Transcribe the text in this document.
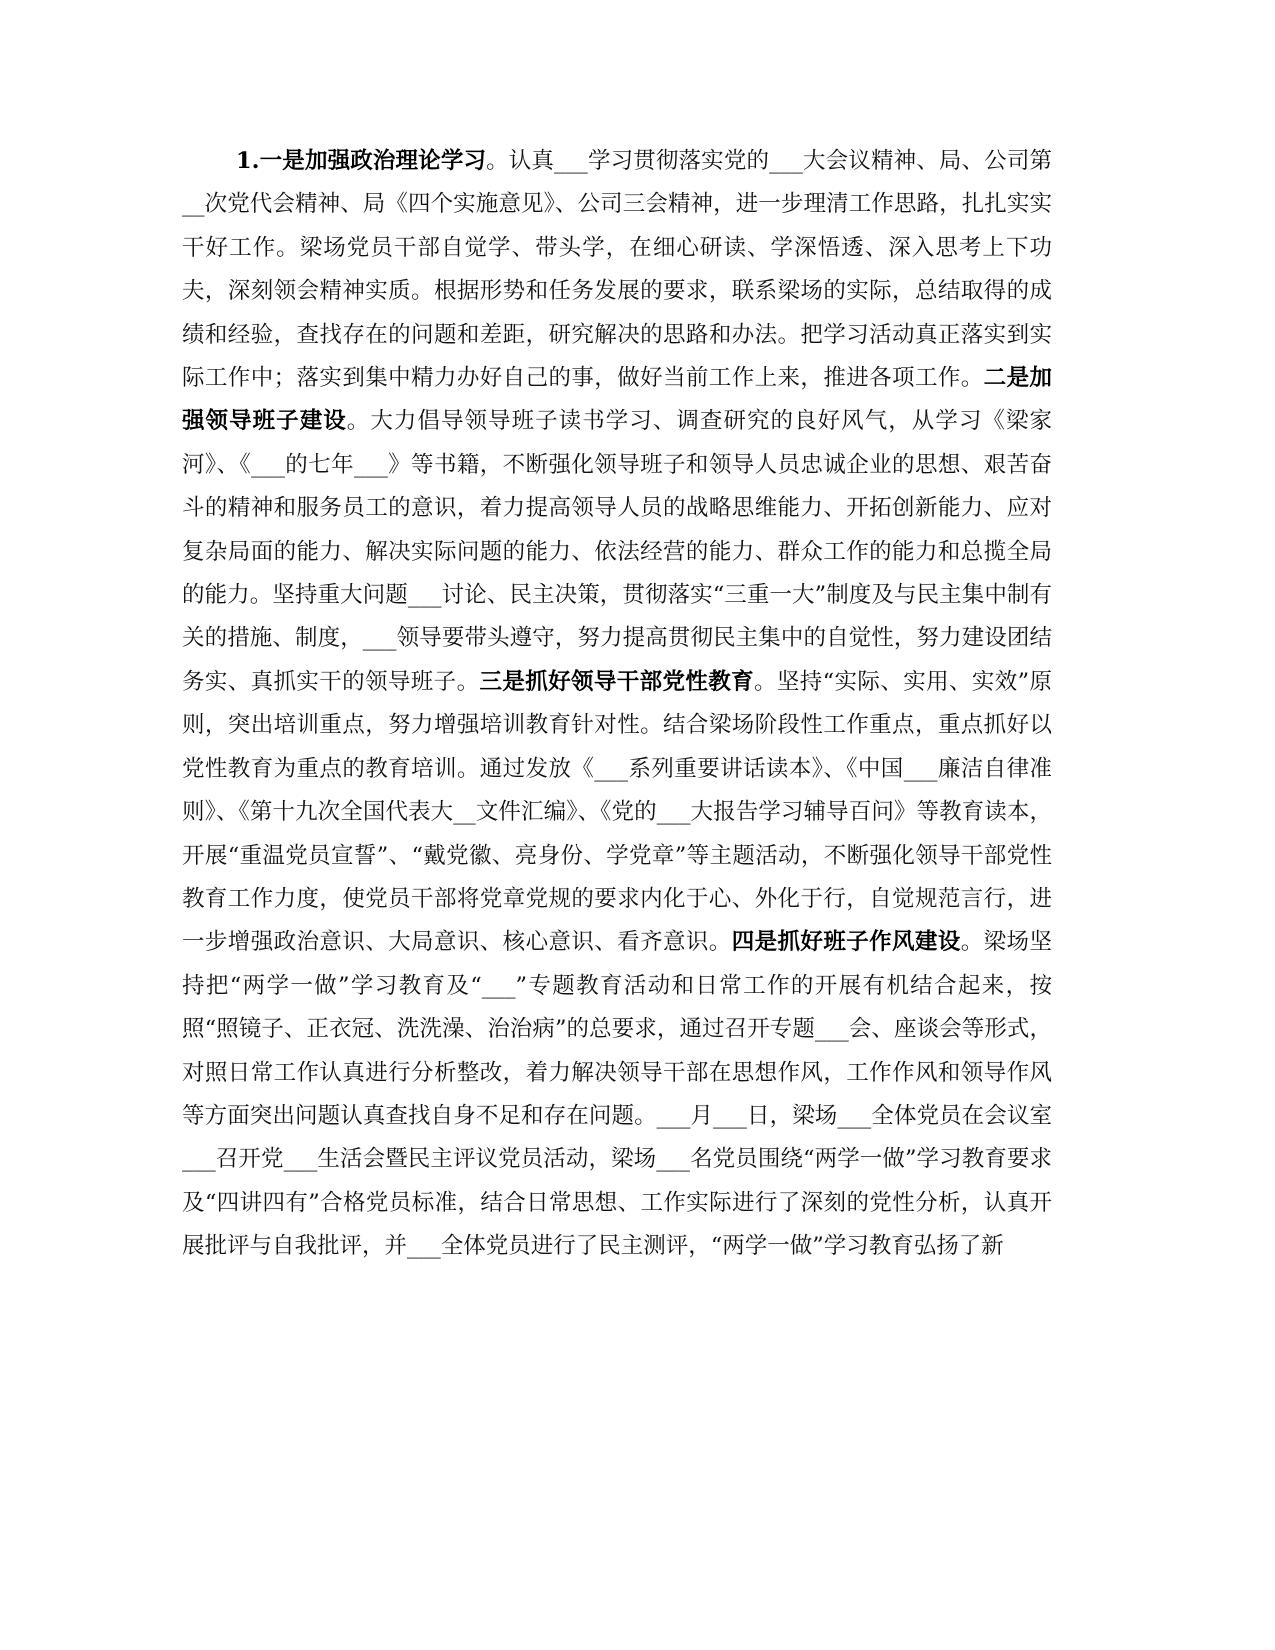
1.一是加强政治理论学习。认真___学习贯彻落实党的___大会议精神、局、公司第__次党代会精神、局《四个实施意见》、公司三会精神，进一步理清工作思路，扎扎实实干好工作。梁场党员干部自觉学、带头学，在细心研读、学深悟透、深入思考上下功夫，深刻领会精神实质。根据形势和任务发展的要求，联系梁场的实际，总结取得的成绩和经验，查找存在的问题和差距，研究解决的思路和办法。把学习活动真正落实到实际工作中；落实到集中精力办好自己的事，做好当前工作上来，推进各项工作。二是加强领导班子建设。大力倡导领导班子读书学习、调查研究的良好风气，从学习《梁家河》、《___的七年___》等书籍，不断强化领导班子和领导人员忠诚企业的思想、艰苦奋斗的精神和服务员工的意识，着力提高领导人员的战略思维能力、开拓创新能力、应对复杂局面的能力、解决实际问题的能力、依法经营的能力、群众工作的能力和总揽全局的能力。坚持重大问题___讨论、民主决策，贯彻落实“三重一大”制度及与民主集中制有关的措施、制度，___领导要带头遵守，努力提高贯彻民主集中的自觉性，努力建设团结务实、真抓实干的领导班子。三是抓好领导干部党性教育。坚持“实际、实用、实效”原则，突出培训重点，努力增强培训教育针对性。结合梁场阶段性工作重点，重点抓好以党性教育为重点的教育培训。通过发放《___系列重要讲话读本》、《中国___廉洁自律准则》、《第十九次全国代表大__文件汇编》、《党的___大报告学习辅导百问》等教育读本，开展“重温党员宣誓”、“戴党徽、亮身份、学党章”等主题活动，不断强化领导干部党性教育工作力度，使党员干部将党章党规的要求内化于心、外化于行，自觉规范言行，进一步增强政治意识、大局意识、核心意识、看齐意识。四是抓好班子作风建设。梁场坚持把“两学一做”学习教育及“___”专题教育活动和日常工作的开展有机结合起来，按照“照镜子、正衣冠、洗洗澡、治治病”的总要求，通过召开专题___会、座谈会等形式，对照日常工作认真进行分析整改，着力解决领导干部在思想作风，工作作风和领导作风等方面突出问题认真查找自身不足和存在问题。___月___日，梁场___全体党员在会议室___召开党___生活会暨民主评议党员活动，梁场___名党员围绕“两学一做”学习教育要求及“四讲四有”合格党员标准，结合日常思想、工作实际进行了深刻的党性分析，认真开展批评与自我批评，并___全体党员进行了民主测评，“两学一做”学习教育弘扬了新
